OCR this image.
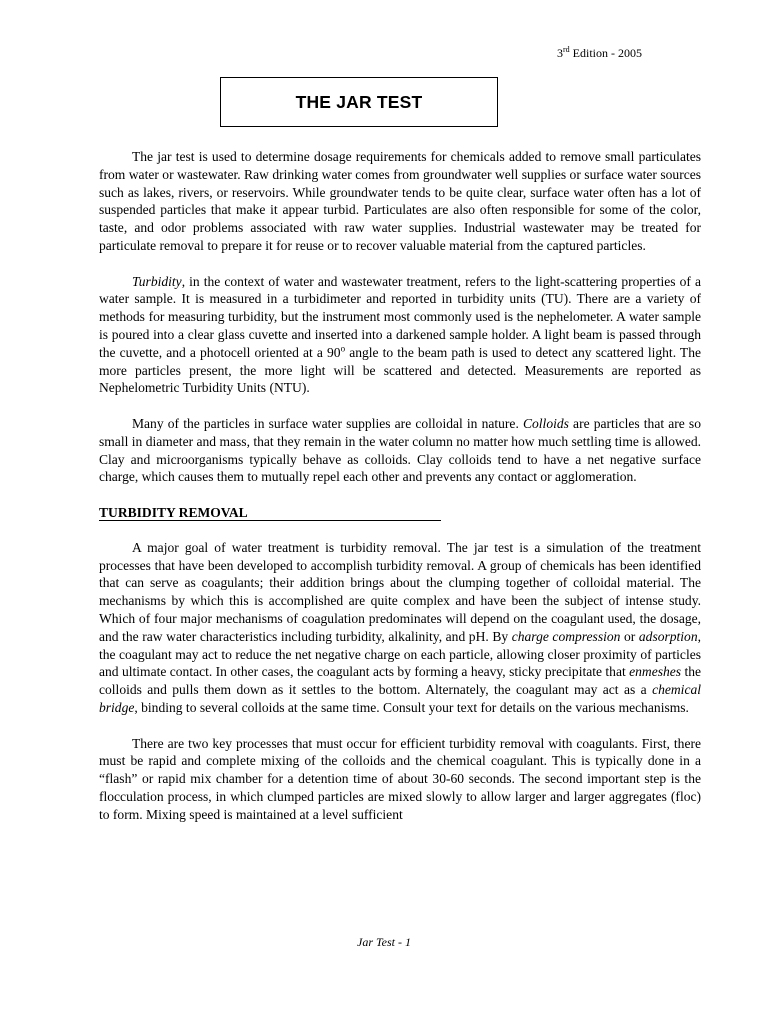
3rd Edition - 2005
THE JAR TEST

The jar test is used to determine dosage requirements for chemicals added to remove small particulates from water or wastewater. Raw drinking water comes from groundwater well supplies or surface water sources such as lakes, rivers, or reservoirs. While groundwater tends to be quite clear, surface water often has a lot of suspended particles that make it appear turbid. Particulates are also often responsible for some of the color, taste, and odor problems associated with raw water supplies. Industrial wastewater may be treated for particulate removal to prepare it for reuse or to recover valuable material from the captured particles.

Turbidity, in the context of water and wastewater treatment, refers to the light-scattering properties of a water sample. It is measured in a turbidimeter and reported in turbidity units (TU). There are a variety of methods for measuring turbidity, but the instrument most commonly used is the nephelometer. A water sample is poured into a clear glass cuvette and inserted into a darkened sample holder. A light beam is passed through the cuvette, and a photocell oriented at a 90$^o$ angle to the beam path is used to detect any scattered light. The more particles present, the more light will be scattered and detected. Measurements are reported as Nephelometric Turbidity Units (NTU).

Many of the particles in surface water supplies are colloidal in nature. Colloids are particles that are so small in diameter and mass, that they remain in the water column no matter how much settling time is allowed. Clay and microorganisms typically behave as colloids. Clay colloids tend to have a net negative surface charge, which causes them to mutually repel each other and prevents any contact or agglomeration.

TURBIDITY REMOVAL

A major goal of water treatment is turbidity removal. The jar test is a simulation of the treatment processes that have been developed to accomplish turbidity removal. A group of chemicals has been identified that can serve as coagulants; their addition brings about the clumping together of colloidal material. The mechanisms by which this is accomplished are quite complex and have been the subject of intense study. Which of four major mechanisms of coagulation predominates will depend on the coagulant used, the dosage, and the raw water characteristics including turbidity, alkalinity, and pH. By charge compression or adsorption, the coagulant may act to reduce the net negative charge on each particle, allowing closer proximity of particles and ultimate contact. In other cases, the coagulant acts by forming a heavy, sticky precipitate that enmeshes the colloids and pulls them down as it settles to the bottom. Alternately, the coagulant may act as a chemical bridge, binding to several colloids at the same time. Consult your text for details on the various mechanisms.

There are two key processes that must occur for efficient turbidity removal with coagulants. First, there must be rapid and complete mixing of the colloids and the chemical coagulant. This is typically done in a “flash” or rapid mix chamber for a detention time of about 30-60 seconds. The second important step is the flocculation process, in which clumped particles are mixed slowly to allow larger and larger aggregates (floc) to form. Mixing speed is maintained at a level sufficient

Jar Test - 1
